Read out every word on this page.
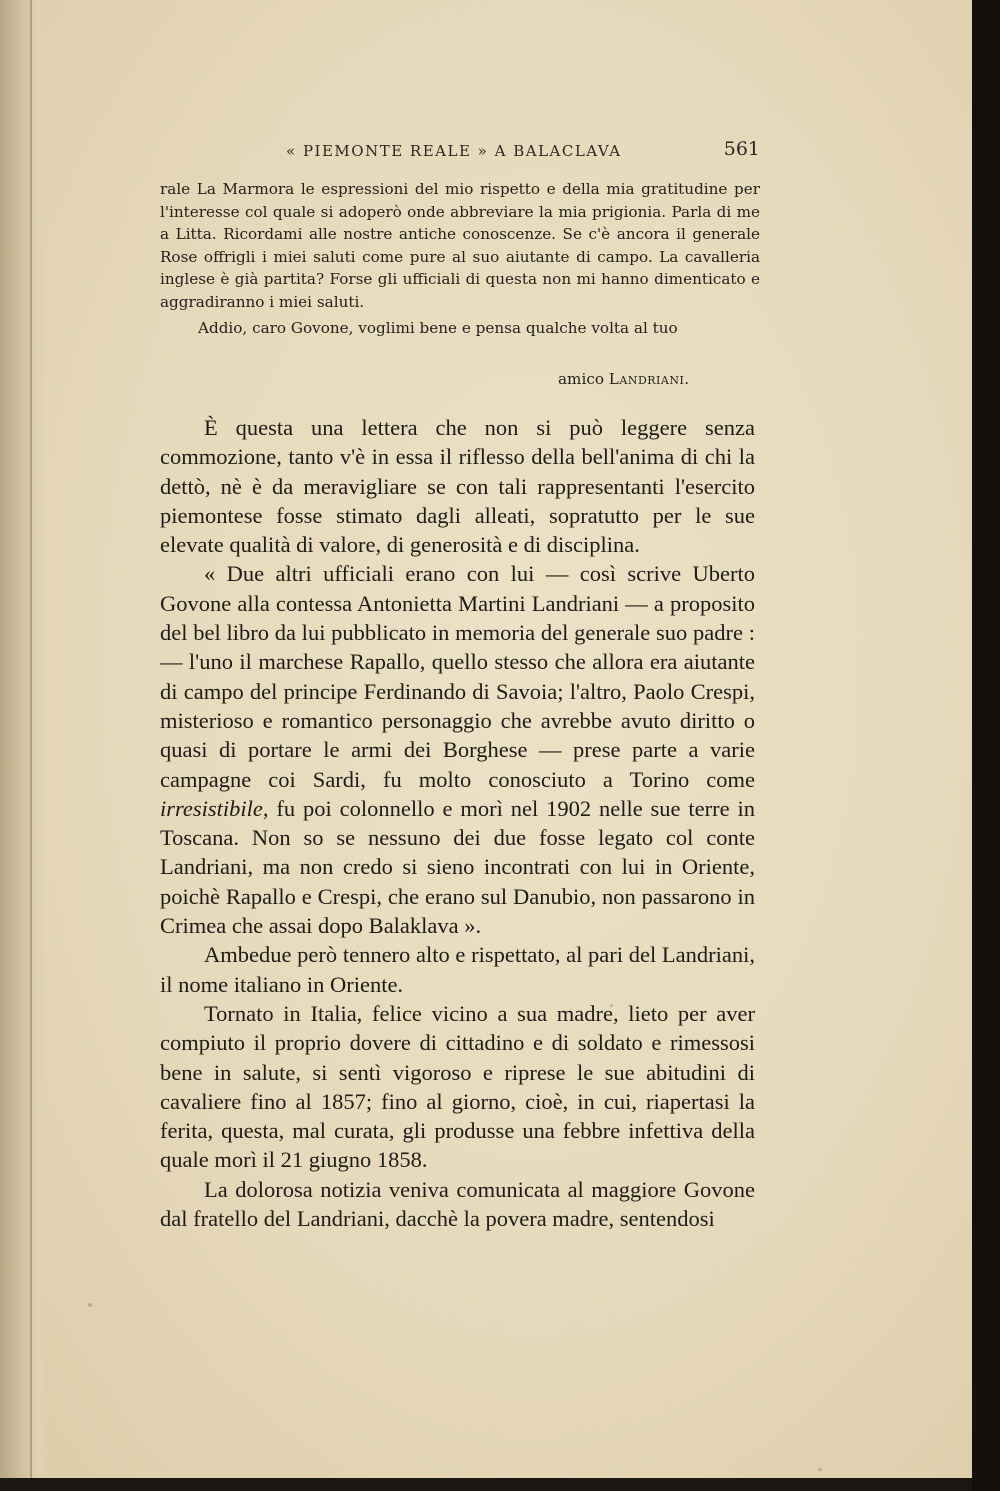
« PIEMONTE REALE » A BALACLAVA	561

rale La Marmora le espressioni del mio rispetto e della mia gratitudine per l'interesse col quale si adoperò onde abbreviare la mia prigionia. Parla di me a Litta. Ricordami alle nostre antiche conoscenze. Se c'è ancora il generale Rose offrigli i miei saluti come pure al suo aiutante di campo. La cavalleria inglese è già partita? Forse gli ufficiali di questa non mi hanno dimenticato e aggradiranno i miei saluti.

Addio, caro Govone, voglimi bene e pensa qualche volta al tuo

amico Landriani.

È questa una lettera che non si può leggere senza commozione, tanto v'è in essa il riflesso della bell'anima di chi la dettò, nè è da meravigliare se con tali rappresentanti l'esercito piemontese fosse stimato dagli alleati, sopratutto per le sue elevate qualità di valore, di generosità e di disciplina.

« Due altri ufficiali erano con lui — così scrive Uberto Govone alla contessa Antonietta Martini Landriani — a proposito del bel libro da lui pubblicato in memoria del generale suo padre : — l'uno il marchese Rapallo, quello stesso che allora era aiutante di campo del principe Ferdinando di Savoia; l'altro, Paolo Crespi, misterioso e romantico personaggio che avrebbe avuto diritto o quasi di portare le armi dei Borghese — prese parte a varie campagne coi Sardi, fu molto conosciuto a Torino come irresistibile, fu poi colonnello e morì nel 1902 nelle sue terre in Toscana. Non so se nessuno dei due fosse legato col conte Landriani, ma non credo si sieno incontrati con lui in Oriente, poichè Rapallo e Crespi, che erano sul Danubio, non passarono in Crimea che assai dopo Balaklava ».

Ambedue però tennero alto e rispettato, al pari del Landriani, il nome italiano in Oriente.

Tornato in Italia, felice vicino a sua madre, lieto per aver compiuto il proprio dovere di cittadino e di soldato e rimessosi bene in salute, si sentì vigoroso e riprese le sue abitudini di cavaliere fino al 1857; fino al giorno, cioè, in cui, riapertasi la ferita, questa, mal curata, gli produsse una febbre infettiva della quale morì il 21 giugno 1858.

La dolorosa notizia veniva comunicata al maggiore Govone dal fratello del Landriani, dacchè la povera madre, sentendosi
